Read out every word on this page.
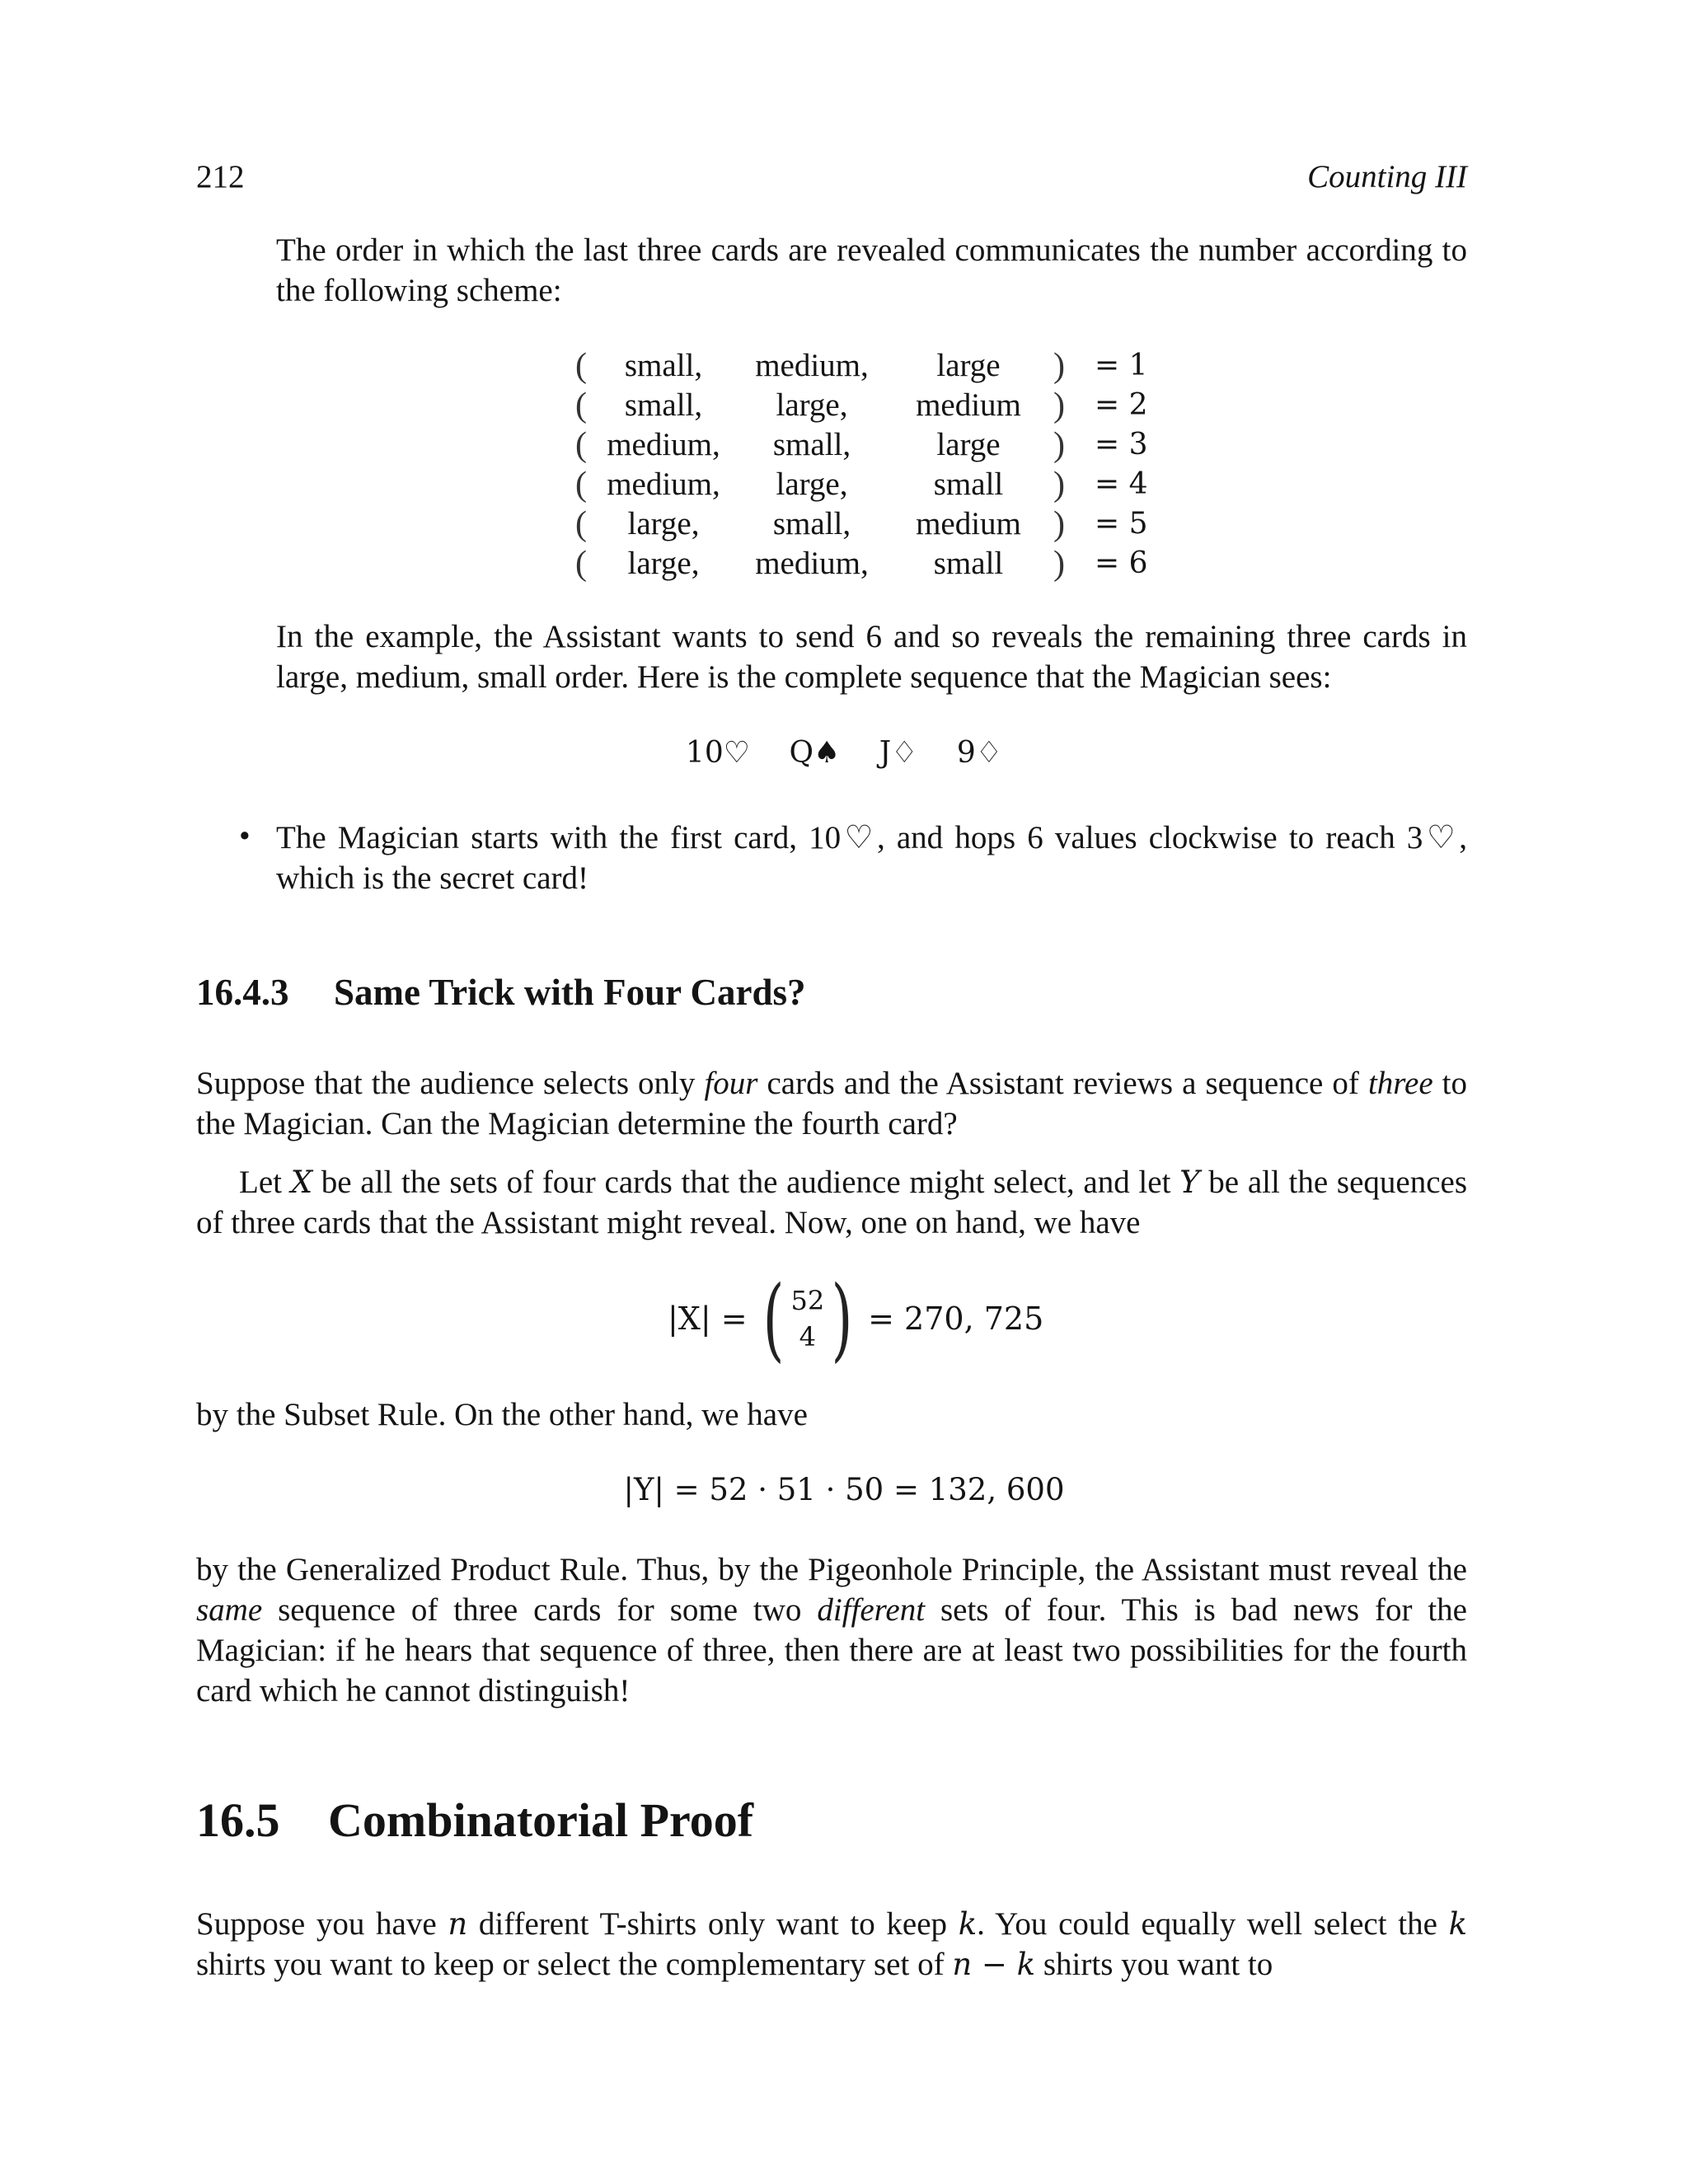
212	Counting III

The order in which the last three cards are revealed communicates the number according to the following scheme:

(	small,	medium,	large	)	= 1
(	small,	large,	medium	)	= 2
(	medium,	small,	large	)	= 3
(	medium,	large,	small	)	= 4
(	large,	small,	medium	)	= 5
(	large,	medium,	small	)	= 6

In the example, the Assistant wants to send 6 and so reveals the remaining three cards in large, medium, small order. Here is the complete sequence that the Magician sees:

10♡ Q♠ J♢ 9♢
• The Magician starts with the first card, 10♡, and hops 6 values clockwise to reach 3♡, which is the secret card!

16.4.3 Same Trick with Four Cards?

Suppose that the audience selects only four cards and the Assistant reviews a sequence of three to the Magician. Can the Magician determine the fourth card?

Let X be all the sets of four cards that the audience might select, and let Y be all the sequences of three cards that the Assistant might reveal. Now, one on hand, we have

|X| = ( 52
4 ) = 270, 725

by the Subset Rule. On the other hand, we have

|Y| = 52 · 51 · 50 = 132, 600

by the Generalized Product Rule. Thus, by the Pigeonhole Principle, the Assistant must reveal the same sequence of three cards for some two different sets of four. This is bad news for the Magician: if he hears that sequence of three, then there are at least two possibilities for the fourth card which he cannot distinguish!

16.5 Combinatorial Proof

Suppose you have n different T-shirts only want to keep k. You could equally well select the k shirts you want to keep or select the complementary set of n − k shirts you want to
